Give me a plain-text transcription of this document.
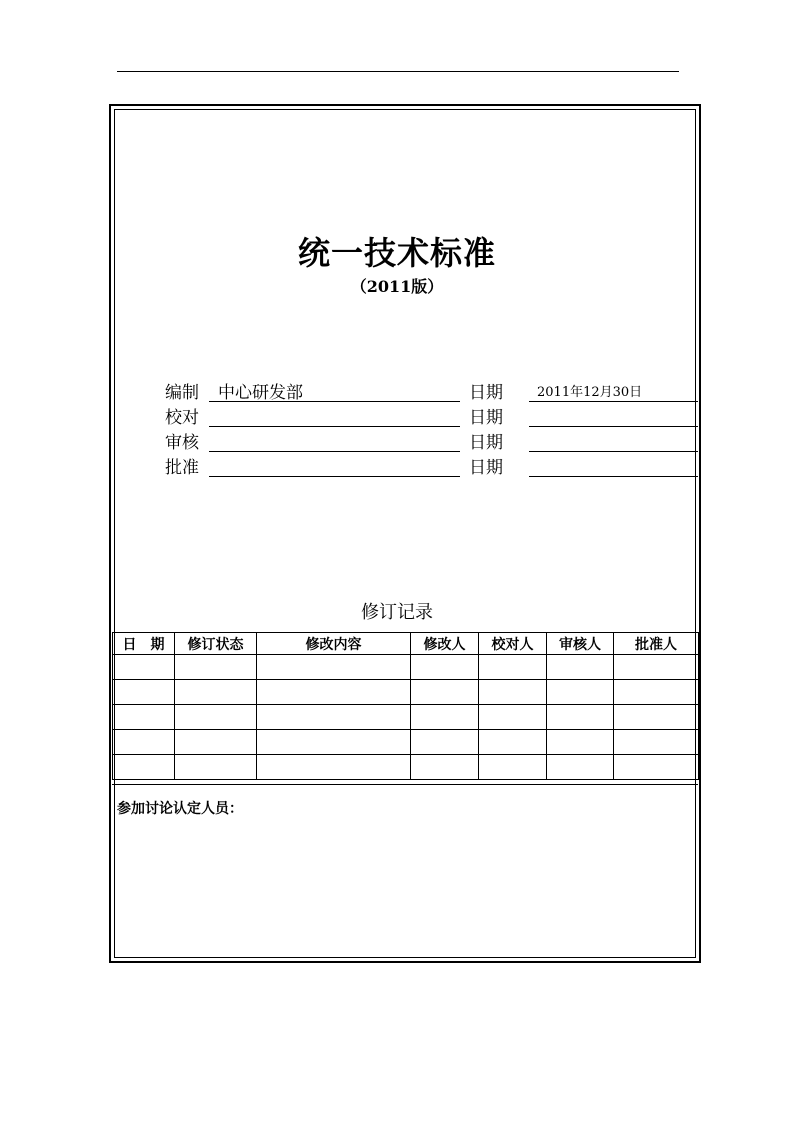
统一技术标准
（2011版）
编制 中心研发部	日期	2011年12月30日
校对	日期
审核	日期
批准	日期
修订记录
日　期	修订状态	修改内容	修改人	校对人	审核人	批准人

参加讨论认定人员：
